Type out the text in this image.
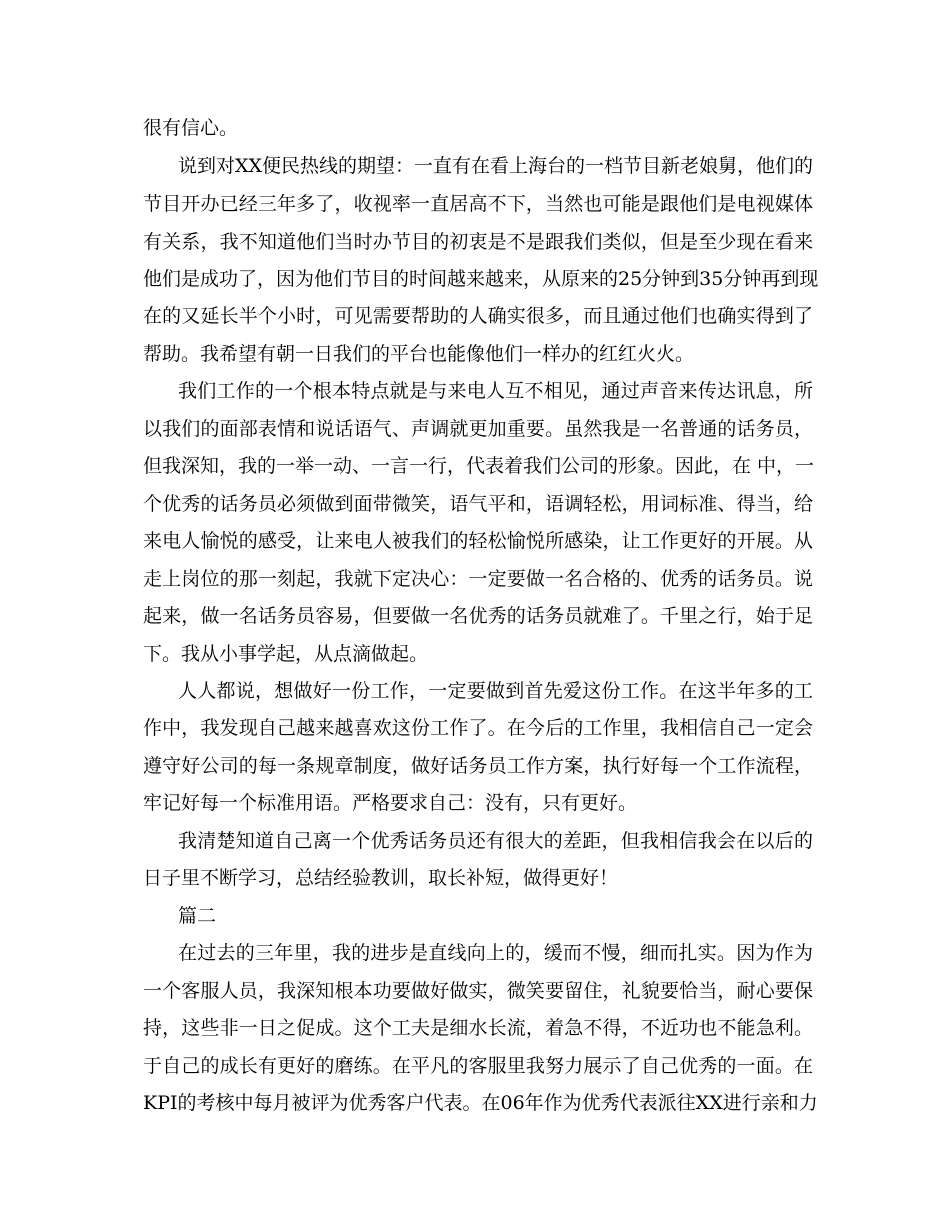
很有信心。
说到对XX便民热线的期望：一直有在看上海台的一档节目新老娘舅，他们的
节目开办已经三年多了，收视率一直居高不下，当然也可能是跟他们是电视媒体
有关系，我不知道他们当时办节目的初衷是不是跟我们类似，但是至少现在看来
他们是成功了，因为他们节目的时间越来越来，从原来的25分钟到35分钟再到现
在的又延长半个小时，可见需要帮助的人确实很多，而且通过他们也确实得到了
帮助。我希望有朝一日我们的平台也能像他们一样办的红红火火。
我们工作的一个根本特点就是与来电人互不相见，通过声音来传达讯息，所
以我们的面部表情和说话语气、声调就更加重要。虽然我是一名普通的话务员，
但我深知，我的一举一动、一言一行，代表着我们公司的形象。因此，在 中，一
个优秀的话务员必须做到面带微笑，语气平和，语调轻松，用词标准、得当，给
来电人愉悦的感受，让来电人被我们的轻松愉悦所感染，让工作更好的开展。从
走上岗位的那一刻起，我就下定决心：一定要做一名合格的、优秀的话务员。说
起来，做一名话务员容易，但要做一名优秀的话务员就难了。千里之行，始于足
下。我从小事学起，从点滴做起。
人人都说，想做好一份工作，一定要做到首先爱这份工作。在这半年多的工
作中，我发现自己越来越喜欢这份工作了。在今后的工作里，我相信自己一定会
遵守好公司的每一条规章制度，做好话务员工作方案，执行好每一个工作流程，
牢记好每一个标准用语。严格要求自己：没有，只有更好。
我清楚知道自己离一个优秀话务员还有很大的差距，但我相信我会在以后的
日子里不断学习，总结经验教训，取长补短，做得更好！
篇二
在过去的三年里，我的进步是直线向上的，缓而不慢，细而扎实。因为作为
一个客服人员，我深知根本功要做好做实，微笑要留住，礼貌要恰当，耐心要保
持，这些非一日之促成。这个工夫是细水长流，着急不得，不近功也不能急利。
于自己的成长有更好的磨练。在平凡的客服里我努力展示了自己优秀的一面。在
KPI的考核中每月被评为优秀客户代表。在06年作为优秀代表派往XX进行亲和力
